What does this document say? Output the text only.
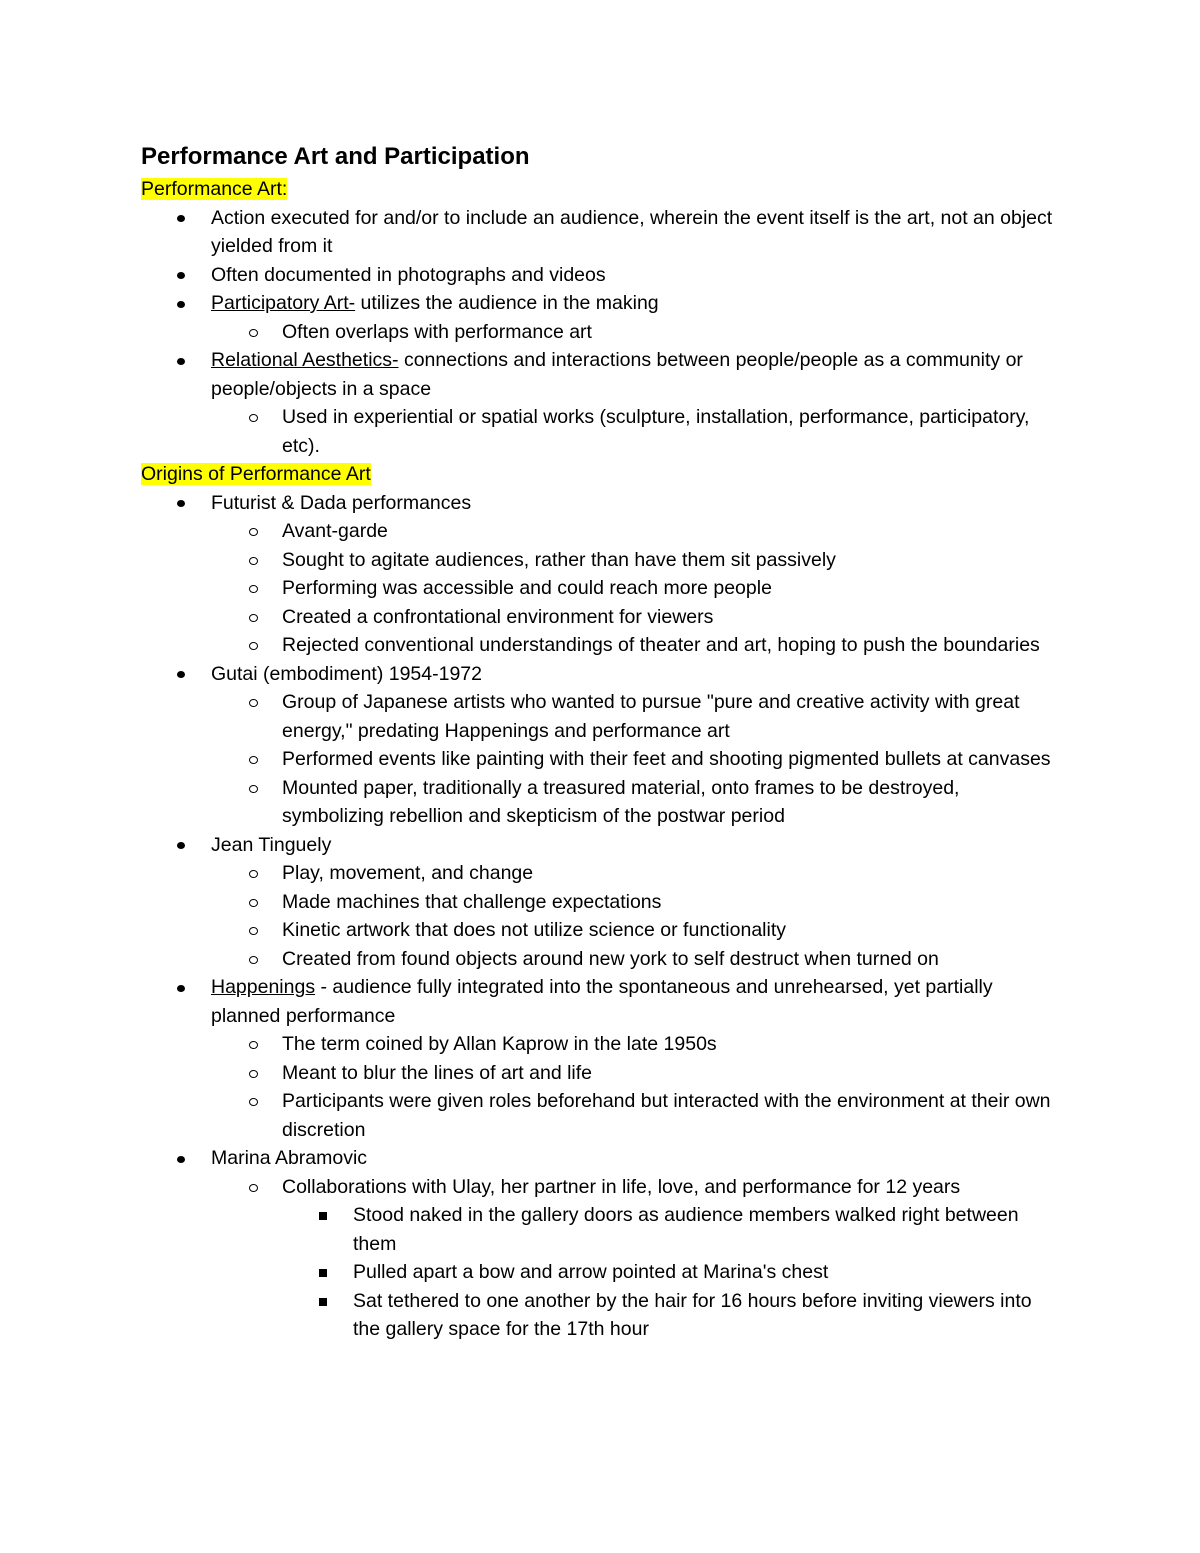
Performance Art and Participation
Performance Art:
Action executed for and/or to include an audience, wherein the event itself is the art, not an object yielded from it
Often documented in photographs and videos
Participatory Art- utilizes the audience in the making
Often overlaps with performance art
Relational Aesthetics- connections and interactions between people/people as a community or people/objects in a space
Used in experiential or spatial works (sculpture, installation, performance, participatory, etc).
Origins of Performance Art
Futurist & Dada performances
Avant-garde
Sought to agitate audiences, rather than have them sit passively
Performing was accessible and could reach more people
Created a confrontational environment for viewers
Rejected conventional understandings of theater and art, hoping to push the boundaries
Gutai (embodiment) 1954-1972
Group of Japanese artists who wanted to pursue "pure and creative activity with great energy," predating Happenings and performance art
Performed events like painting with their feet and shooting pigmented bullets at canvases
Mounted paper, traditionally a treasured material, onto frames to be destroyed, symbolizing rebellion and skepticism of the postwar period
Jean Tinguely
Play, movement, and change
Made machines that challenge expectations
Kinetic artwork that does not utilize science or functionality
Created from found objects around new york to self destruct when turned on
Happenings - audience fully integrated into the spontaneous and unrehearsed, yet partially planned performance
The term coined by Allan Kaprow in the late 1950s
Meant to blur the lines of art and life
Participants were given roles beforehand but interacted with the environment at their own discretion
Marina Abramovic
Collaborations with Ulay, her partner in life, love, and performance for 12 years
Stood naked in the gallery doors as audience members walked right between them
Pulled apart a bow and arrow pointed at Marina's chest
Sat tethered to one another by the hair for 16 hours before inviting viewers into the gallery space for the 17th hour
